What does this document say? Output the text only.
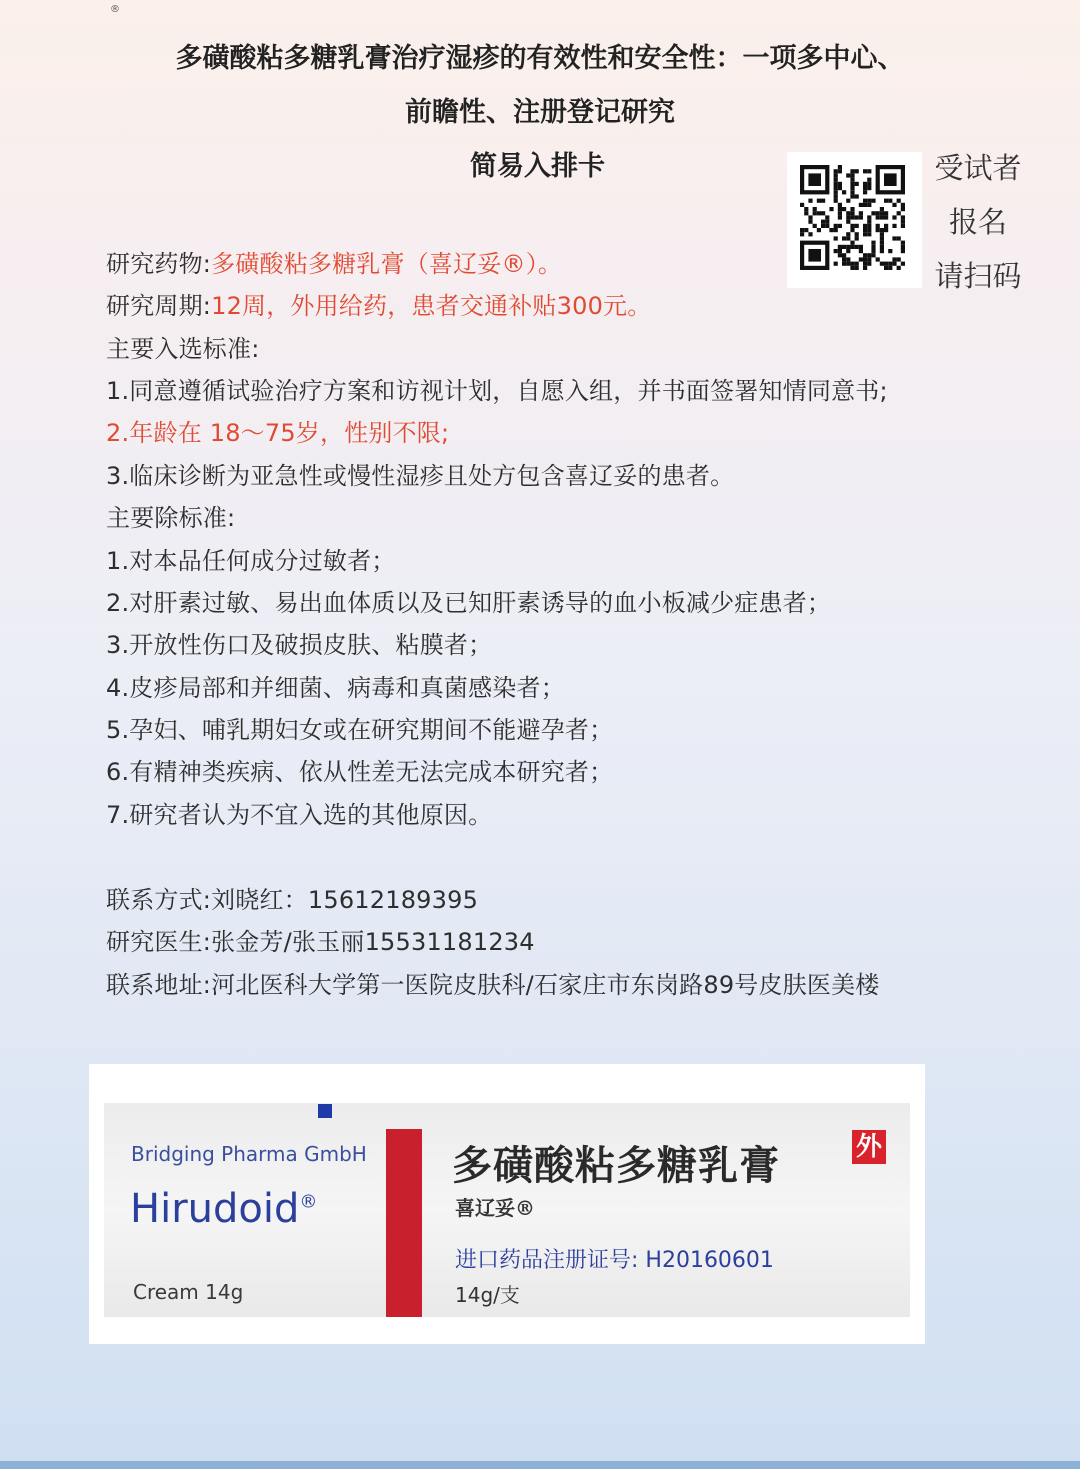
®
多磺酸粘多糖乳膏治疗湿疹的有效性和安全性：一项多中心、
前瞻性、注册登记研究
简易入排卡	受试者
报名
请扫码
研究药物:多磺酸粘多糖乳膏（喜辽妥®）。
研究周期:12周，外用给药，患者交通补贴300元。
主要入选标准:
1.同意遵循试验治疗方案和访视计划，自愿入组，并书面签署知情同意书;
2.年龄在 18～75岁，性别不限;
3.临床诊断为亚急性或慢性湿疹且处方包含喜辽妥的患者。
主要除标准:
1.对本品任何成分过敏者；
2.对肝素过敏、易出血体质以及已知肝素诱导的血小板减少症患者；
3.开放性伤口及破损皮肤、粘膜者；
4.皮疹局部和并细菌、病毒和真菌感染者；
5.孕妇、哺乳期妇女或在研究期间不能避孕者；
6.有精神类疾病、依从性差无法完成本研究者；
7.研究者认为不宜入选的其他原因。
联系方式:刘晓红：15612189395
研究医生:张金芳/张玉丽15531181234
联系地址:河北医科大学第一医院皮肤科/石家庄市东岗路89号皮肤医美楼
Bridging Pharma GmbH
Hirudoid®
Cream 14g
多磺酸粘多糖乳膏
喜辽妥®
外
进口药品注册证号: H20160601
14g/支
